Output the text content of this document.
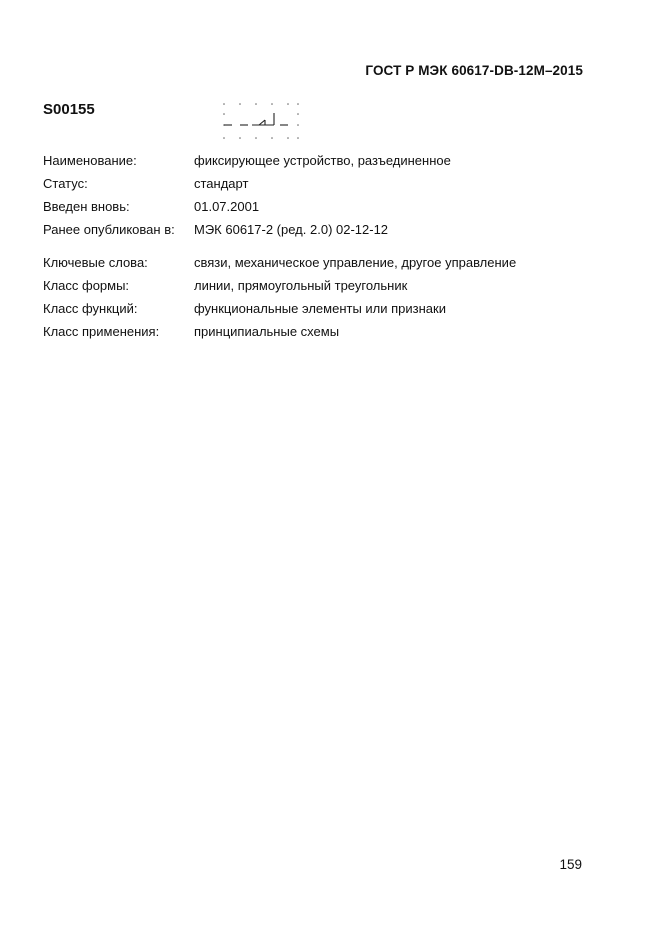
ГОСТ Р МЭК 60617-DB-12M–2015
S00155
Наименование:	фиксирующее устройство, разъединенное
Статус:	стандарт
Введен вновь:	01.07.2001
Ранее опубликован в:	МЭК 60617-2 (ред. 2.0) 02-12-12
Ключевые слова:	связи, механическое управление, другое управление
Класс формы:	линии, прямоугольный треугольник
Класс функций:	функциональные элементы или признаки
Класс применения:	принципиальные схемы
159
